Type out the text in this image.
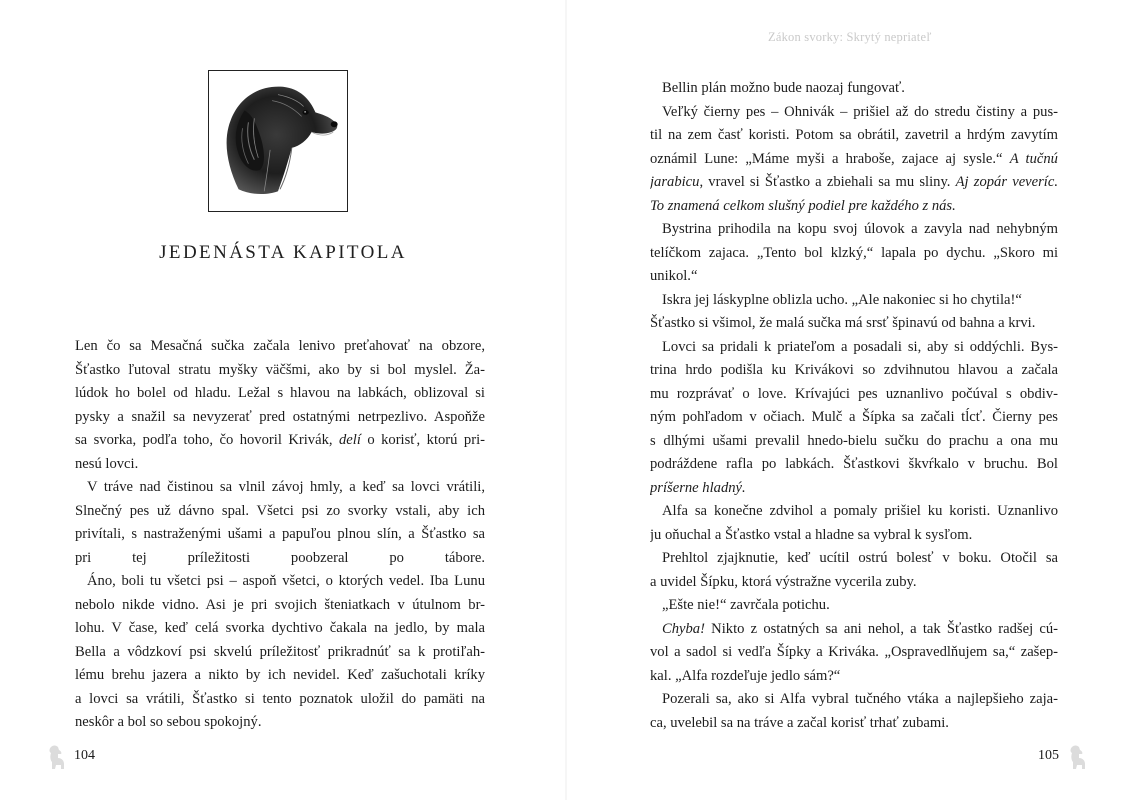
Zákon svorky: Skrytý nepriateľ
JEDENÁSTA KAPITOLA
Len čo sa Mesačná sučka začala lenivo preťahovať na obzore,
Šťastko ľutoval stratu myšky väčšmi, ako by si bol myslel. Ža-
lúdok ho bolel od hladu. Ležal s hlavou na labkách, oblizoval si
pysky a snažil sa nevyzerať pred ostatnými netrpezlivo. Aspoňže
sa svorka, podľa toho, čo hovoril Krivák, delí o korisť, ktorú pri-
nesú lovci.
V tráve nad čistinou sa vlnil závoj hmly, a keď sa lovci vrátili,
Slnečný pes už dávno spal. Všetci psi zo svorky vstali, aby ich
privítali, s nastraženými ušami a papuľou plnou slín, a Šťastko sa
pri tej príležitosti poobzeral po tábore.
Áno, boli tu všetci psi – aspoň všetci, o ktorých vedel. Iba Lunu
nebolo nikde vidno. Asi je pri svojich šteniatkach v útulnom br-
lohu. V čase, keď celá svorka dychtivo čakala na jedlo, by mala
Bella a vôdzkoví psi skvelú príležitosť prikradnúť sa k protiľah-
lému brehu jazera a nikto by ich nevidel. Keď zašuchotali kríky
a lovci sa vrátili, Šťastko si tento poznatok uložil do pamäti na
neskôr a bol so sebou spokojný.
Bellin plán možno bude naozaj fungovať.
Veľký čierny pes – Ohnivák – prišiel až do stredu čistiny a pus-
til na zem časť koristi. Potom sa obrátil, zavetril a hrdým zavytím
oznámil Lune: „Máme myši a hraboše, zajace aj sysle.“ A tučnú
jarabicu, vravel si Šťastko a zbiehali sa mu sliny. Aj zopár veveríc.
To znamená celkom slušný podiel pre každého z nás.
Bystrina prihodila na kopu svoj úlovok a zavyla nad nehybným
telíčkom zajaca. „Tento bol klzký,“ lapala po dychu. „Skoro mi
unikol.“
Iskra jej láskyplne oblizla ucho. „Ale nakoniec si ho chytila!“
Šťastko si všimol, že malá sučka má srsť špinavú od bahna a krvi.
Lovci sa pridali k priateľom a posadali si, aby si oddýchli. Bys-
trina hrdo podišla ku Krivákovi so zdvihnutou hlavou a začala
mu rozprávať o love. Krívajúci pes uznanlivo počúval s obdiv-
ným pohľadom v očiach. Mulč a Šípka sa začali tĺcť. Čierny pes
s dlhými ušami prevalil hnedo-bielu sučku do prachu a ona mu
podráždene rafla po labkách. Šťastkovi škvŕkalo v bruchu. Bol
príšerne hladný.
Alfa sa konečne zdvihol a pomaly prišiel ku koristi. Uznanlivo
ju oňuchal a Šťastko vstal a hladne sa vybral k sysľom.
Prehltol zjajknutie, keď ucítil ostrú bolesť v boku. Otočil sa
a uvidel Šípku, ktorá výstražne vycerila zuby.
„Ešte nie!“ zavrčala potichu.
Chyba! Nikto z ostatných sa ani nehol, a tak Šťastko radšej cú-
vol a sadol si vedľa Šípky a Kriváka. „Ospravedlňujem sa,“ zašep-
kal. „Alfa rozdeľuje jedlo sám?“
Pozerali sa, ako si Alfa vybral tučného vtáka a najlepšieho zaja-
ca, uvelebil sa na tráve a začal korisť trhať zubami.
104	105
